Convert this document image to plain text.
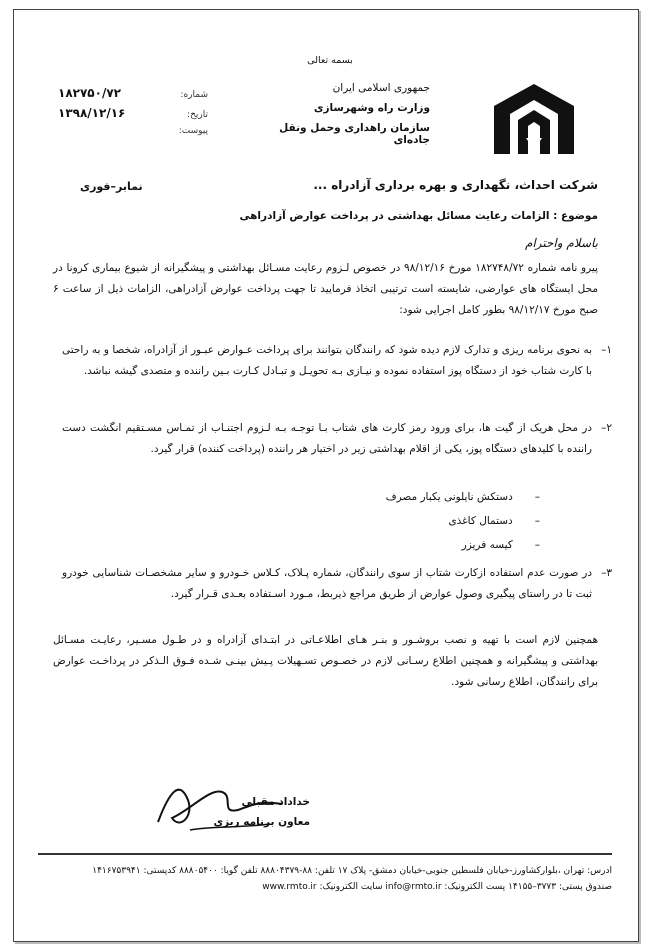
بسمه تعالی
جمهوری اسلامی ایران
وزارت راه وشهرسازی
سازمان راهداری وحمل ونقل جاده‌ای
شماره:
۱۸۲۷۵۰/۷۲
تاریخ:
۱۳۹۸/۱۲/۱۶
پیوست:
شرکت احداث، نگهداری و بهره برداری آزادراه ...
نمابر–فوری
موضوع : الزامات رعایت مسائل بهداشتی در پرداخت عوارض آزادراهی
باسلام واحترام
پیرو نامه شماره ۱۸۲۷۴۸/۷۲ مورخ ۹۸/۱۲/۱۶ در خصوص لـزوم رعایت مسـائل بهداشتی و پیشگیرانه از شیوع بیماری کرونا در محل ایستگاه های عوارضی، شایسته است ترتیبی اتخاذ فرمایید تا جهت پرداخت عوارض آزادراهی، الزامات ذیل از ساعت ۶ صبح مورخ ۹۸/۱۲/۱۷ بطور کامل اجرایی شود:
۱–
به نحوی برنامه ریزی و تدارک لازم دیده شود که رانندگان بتوانند برای پرداخت عـوارض عبـور از آزادراه، شخصا و به راحتی با کارت شتاب خود از دستگاه پوز استفاده نموده و نیـازی بـه تحویـل و تبـادل کـارت بـین راننده و متصدی گیشه نباشد.
۲–
در محل هریک از گیت ها، برای ورود رمز کارت های شتاب بـا توجـه بـه لـزوم اجتنـاب از تمـاس مسـتقیم انگشت دست راننده با کلیدهای دستگاه پوز، یکی از اقلام بهداشتی زیر در اختیار هر راننده (پرداخت کننده) قرار گیرد.
–
دستکش نایلونی یکبار مصرف
–
دستمال کاغذی
–
کیسه فریزر
۳–
در صورت عدم استفاده ازکارت شتاب از سوی رانندگان، شماره پـلاک، کـلاس خـودرو و سایر مشخصـات شناسایی خودرو ثبت تا در راستای پیگیری وصول عوارض از طریق مراجع ذیربط، مـورد اسـتفاده بعـدی قـرار گیرد.
همچنین لازم است با تهیه و نصب بروشـور و بنـر هـای اطلاعـاتی در ابتـدای آزادراه و در طـول مسـیر، رعایـت مسـائل بهداشتی و پیشگیرانه و همچنین اطلاع رسـانی لازم در خصـوص تسـهیلات پـیش بینـی شـده فـوق الـذکر در پرداخـت عوارض برای رانندگان، اطلاع رسانی شود.
خداداد مقبلی
معاون برنامه ریزی
ادرس: تهران ،بلوارکشاورز-خیابان فلسطین جنوبی-خیابان دمشق- پلاک ۱۷ تلفن: ۸۸-۸۸۸۰۴۳۷۹ تلفن گویا: ۸۸۸۰۵۴۰۰ کدپستی: ۱۴۱۶۷۵۳۹۴۱
صندوق پستی: ۳۷۷۳–۱۴۱۵۵ پست الکترونیک: info@rmto.ir سایت الکترونیک: www.rmto.ir
